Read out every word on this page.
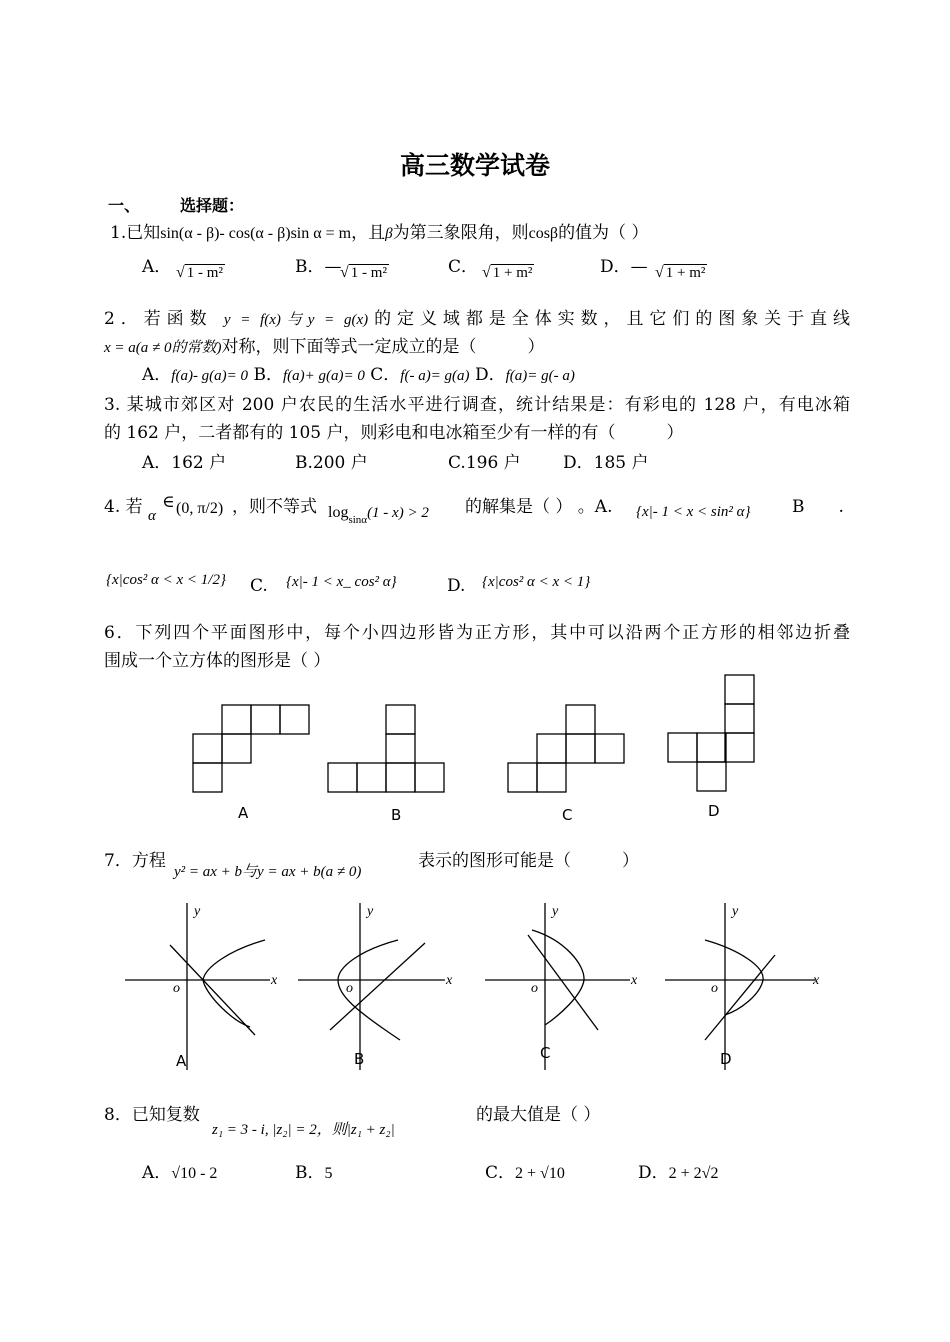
高三数学试卷
一、 选择题：
1.已知sin(α - β)- cos(α - β)sin α = m，且β为第三象限角，则cosβ的值为（ ）
A． √ 1 - m²	B．—
√ 1 - m²	C． √ 1 + m²	D．— √ 1 + m²
2．若函数 y = f(x)与y = g(x)的定义域都是全体实数，且它们的图象关于直线
x = a(a ≠ 0的常数)对称，则下面等式一定成立的是（　　　）
A．f(a)- g(a)= 0 B．f(a)+ g(a)= 0 C．f(- a)= g(a) D．f(a)= g(- a)
3. 某城市郊区对 200 户农民的生活水平进行调查，统计结果是：有彩电的 128 户，有电冰箱
的 162 户，二者都有的 105 户，则彩电和电冰箱至少有一样的有（　　　）
A．162 户	B.200 户	C.196 户 D．185 户
4. 若 α
∈ (0, π/2) ，则不等式 $\log_{sin\alpha}(1 - x) > 2$ 的解集是（ ） 。A. {x|- 1 < x < sin² α} B　　.
{x|cos² α < x < 1/2} C. {x|- 1 < x_ cos² α}	D. {x|cos² α < x < 1}
6．下列四个平面图形中，每个小四边形皆为正方形，其中可以沿两个正方形的相邻边折叠
围成一个立方体的图形是（ ）
A	B	C	D
7．方程
y² = ax + b与y = ax + b(a ≠ 0)
表示的图形可能是（　　　）
y
x
o
y
x
o
y
x
o
y
x
o
A	B	C	D
8．已知复数
z₁ = 3 - i, |z₂| = 2，则|z₁ + z₂|
的最大值是（ ）
A．√10 - 2	B．5	C．2 + √10	D．2 + 2√2
